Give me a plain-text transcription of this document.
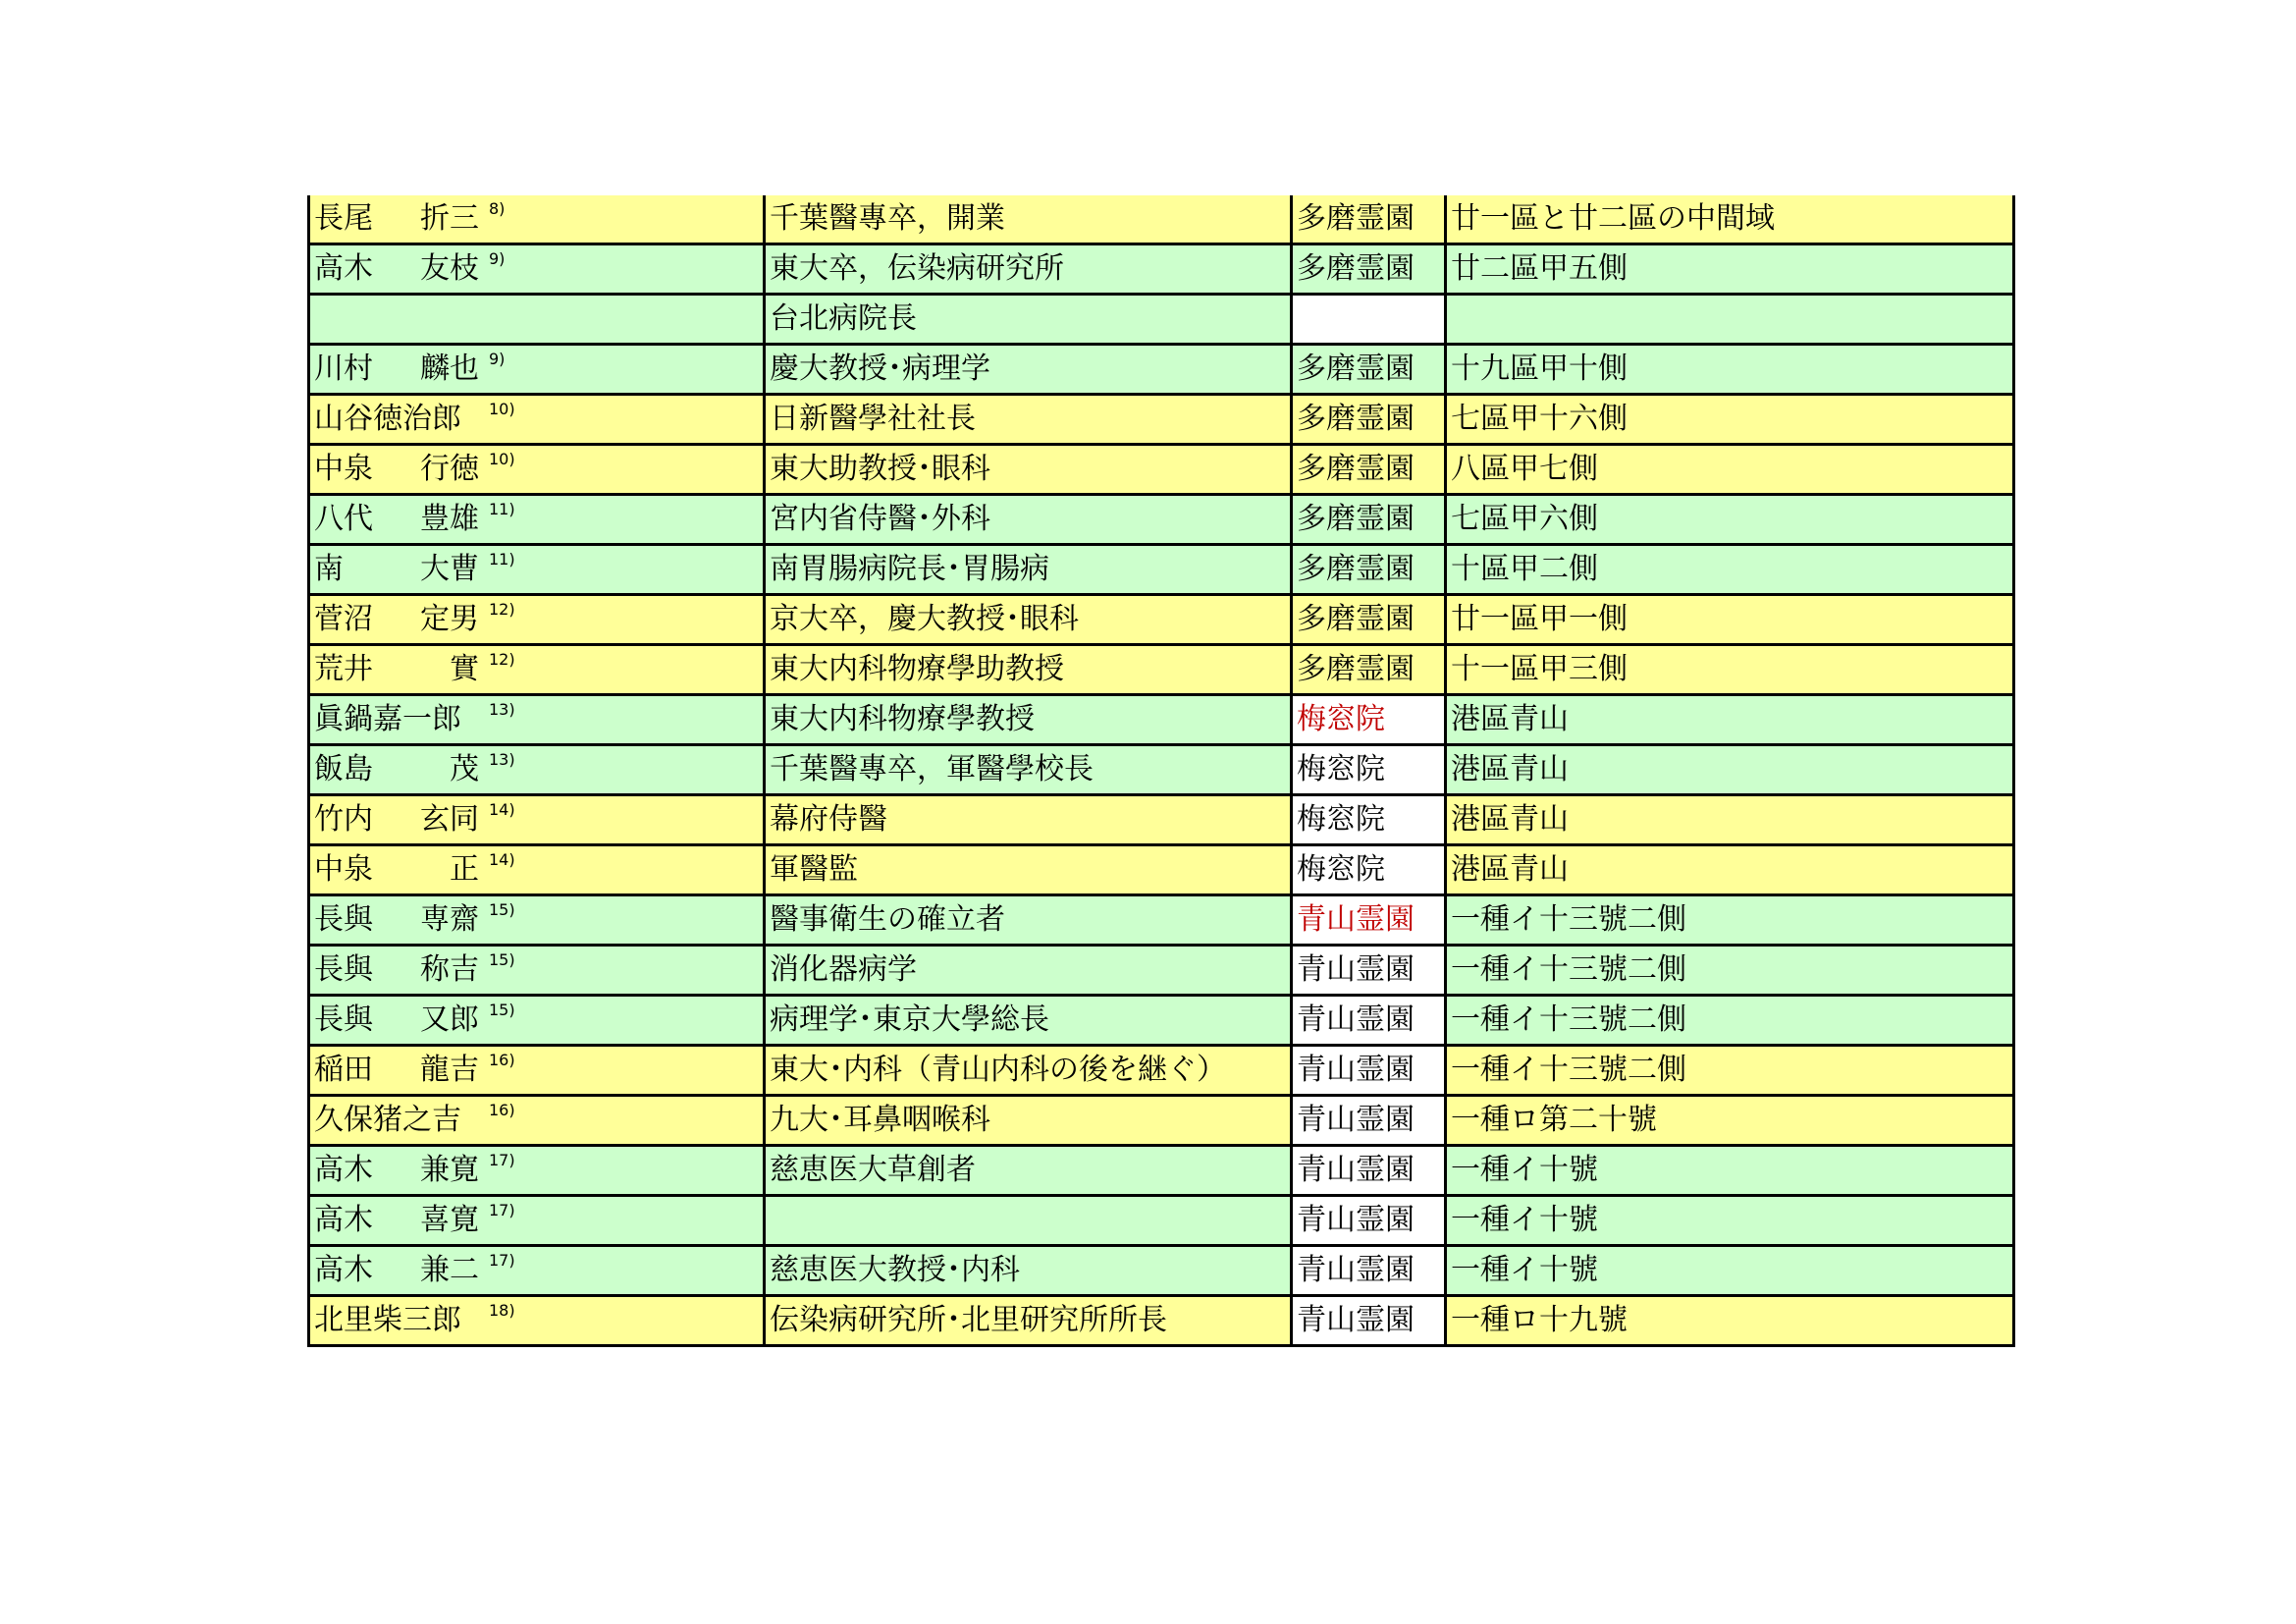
長尾 折三 8)	千葉醫專卒，開業	多磨霊園	廿一區と廿二區の中間域

高木 友枝 9)	東大卒，伝染病研究所	多磨霊園	廿二區甲五側

	台北病院長		

川村 麟也 9)	慶大教授･病理学	多磨霊園	十九區甲十側

山谷徳治郎 10)	日新醫學社社長	多磨霊園	七區甲十六側

中泉 行徳 10)	東大助教授･眼科	多磨霊園	八區甲七側

八代 豊雄 11)	宮内省侍醫･外科	多磨霊園	七區甲六側

南 大曹 11)	南胃腸病院長･胃腸病	多磨霊園	十區甲二側

菅沼 定男 12)	京大卒，慶大教授･眼科	多磨霊園	廿一區甲一側

荒井 實 12)	東大内科物療學助教授	多磨霊園	十一區甲三側

眞鍋嘉一郎 13)	東大内科物療學教授	梅窓院	港區青山

飯島 茂 13)	千葉醫專卒，軍醫學校長	梅窓院	港區青山

竹内 玄同 14)	幕府侍醫	梅窓院	港區青山

中泉 正 14)	軍醫監	梅窓院	港區青山

長與 専齋 15)	醫事衛生の確立者	青山霊園	一種イ十三號二側

長與 称吉 15)	消化器病学	青山霊園	一種イ十三號二側

長與 又郎 15)	病理学･東京大學総長	青山霊園	一種イ十三號二側

稲田 龍吉 16)	東大･内科（青山内科の後を継ぐ）	青山霊園	一種イ十三號二側

久保猪之吉 16)	九大･耳鼻咽喉科	青山霊園	一種ロ第二十號

高木 兼寛 17)	慈恵医大草創者	青山霊園	一種イ十號

高木 喜寛 17)		青山霊園	一種イ十號

高木 兼二 17)	慈恵医大教授･内科	青山霊園	一種イ十號

北里柴三郎 18)	伝染病研究所･北里研究所所長	青山霊園	一種ロ十九號
